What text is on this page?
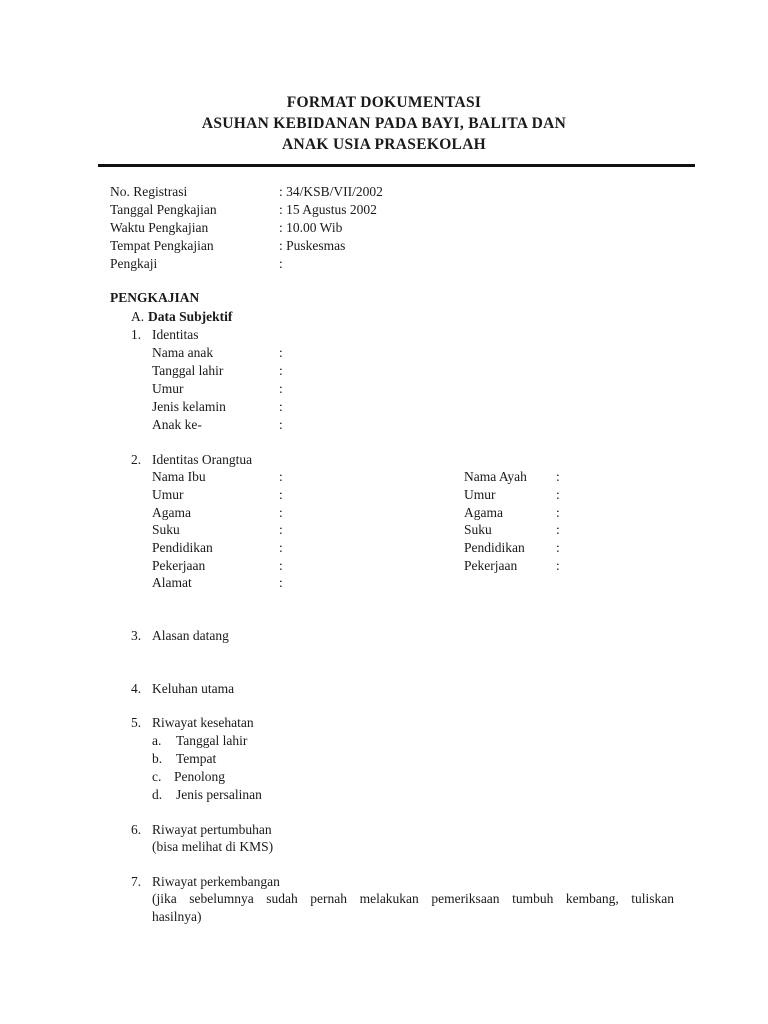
FORMAT DOKUMENTASI
ASUHAN KEBIDANAN PADA BAYI, BALITA DAN
ANAK USIA PRASEKOLAH
No. Registrasi	: 34/KSB/VII/2002
Tanggal Pengkajian	: 15 Agustus 2002
Waktu Pengkajian	: 10.00 Wib
Tempat Pengkajian	: Puskesmas
Pengkaji	:
PENGKAJIAN
A. Data Subjektif
1. Identitas
Nama anak	:
Tanggal lahir	:
Umur	:
Jenis kelamin	:
Anak ke-	:
2. Identitas Orangtua
Nama Ibu	:	Nama Ayah :
Umur	:	Umur	:
Agama	:	Agama	:
Suku	:	Suku	:
Pendidikan	:	Pendidikan :
Pekerjaan	:	Pekerjaan	:
Alamat	:
3. Alasan datang
4. Keluhan utama
5. Riwayat kesehatan
a. Tanggal lahir
b. Tempat
c. Penolong
d. Jenis persalinan
6. Riwayat pertumbuhan
(bisa melihat di KMS)
7. Riwayat perkembangan
(jika sebelumnya sudah pernah melakukan pemeriksaan tumbuh kembang, tuliskan
hasilnya)
